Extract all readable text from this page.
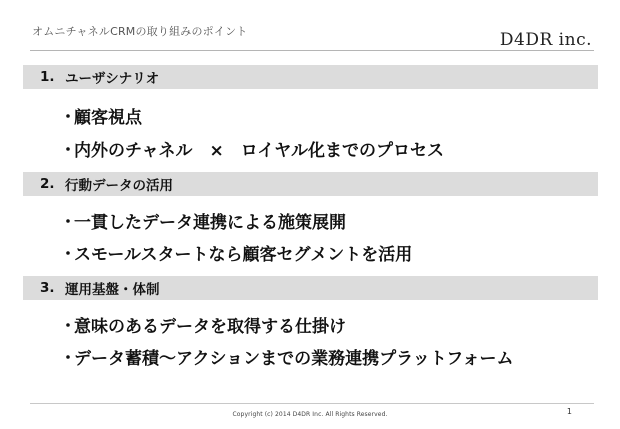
オムニチャネルCRMの取り組みのポイント	D4DR inc.
1. ユーザシナリオ
・
顧客視点
・
内外のチャネル　×　ロイヤル化までのプロセス
2. 行動データの活用
・
一貫したデータ連携による施策展開
・
スモールスタートなら顧客セグメントを活用
3. 運用基盤・体制
・
意味のあるデータを取得する仕掛け
・
データ蓄積〜アクションまでの業務連携プラットフォーム
Copyright (c) 2014 D4DR Inc. All Rights Reserved.	1
